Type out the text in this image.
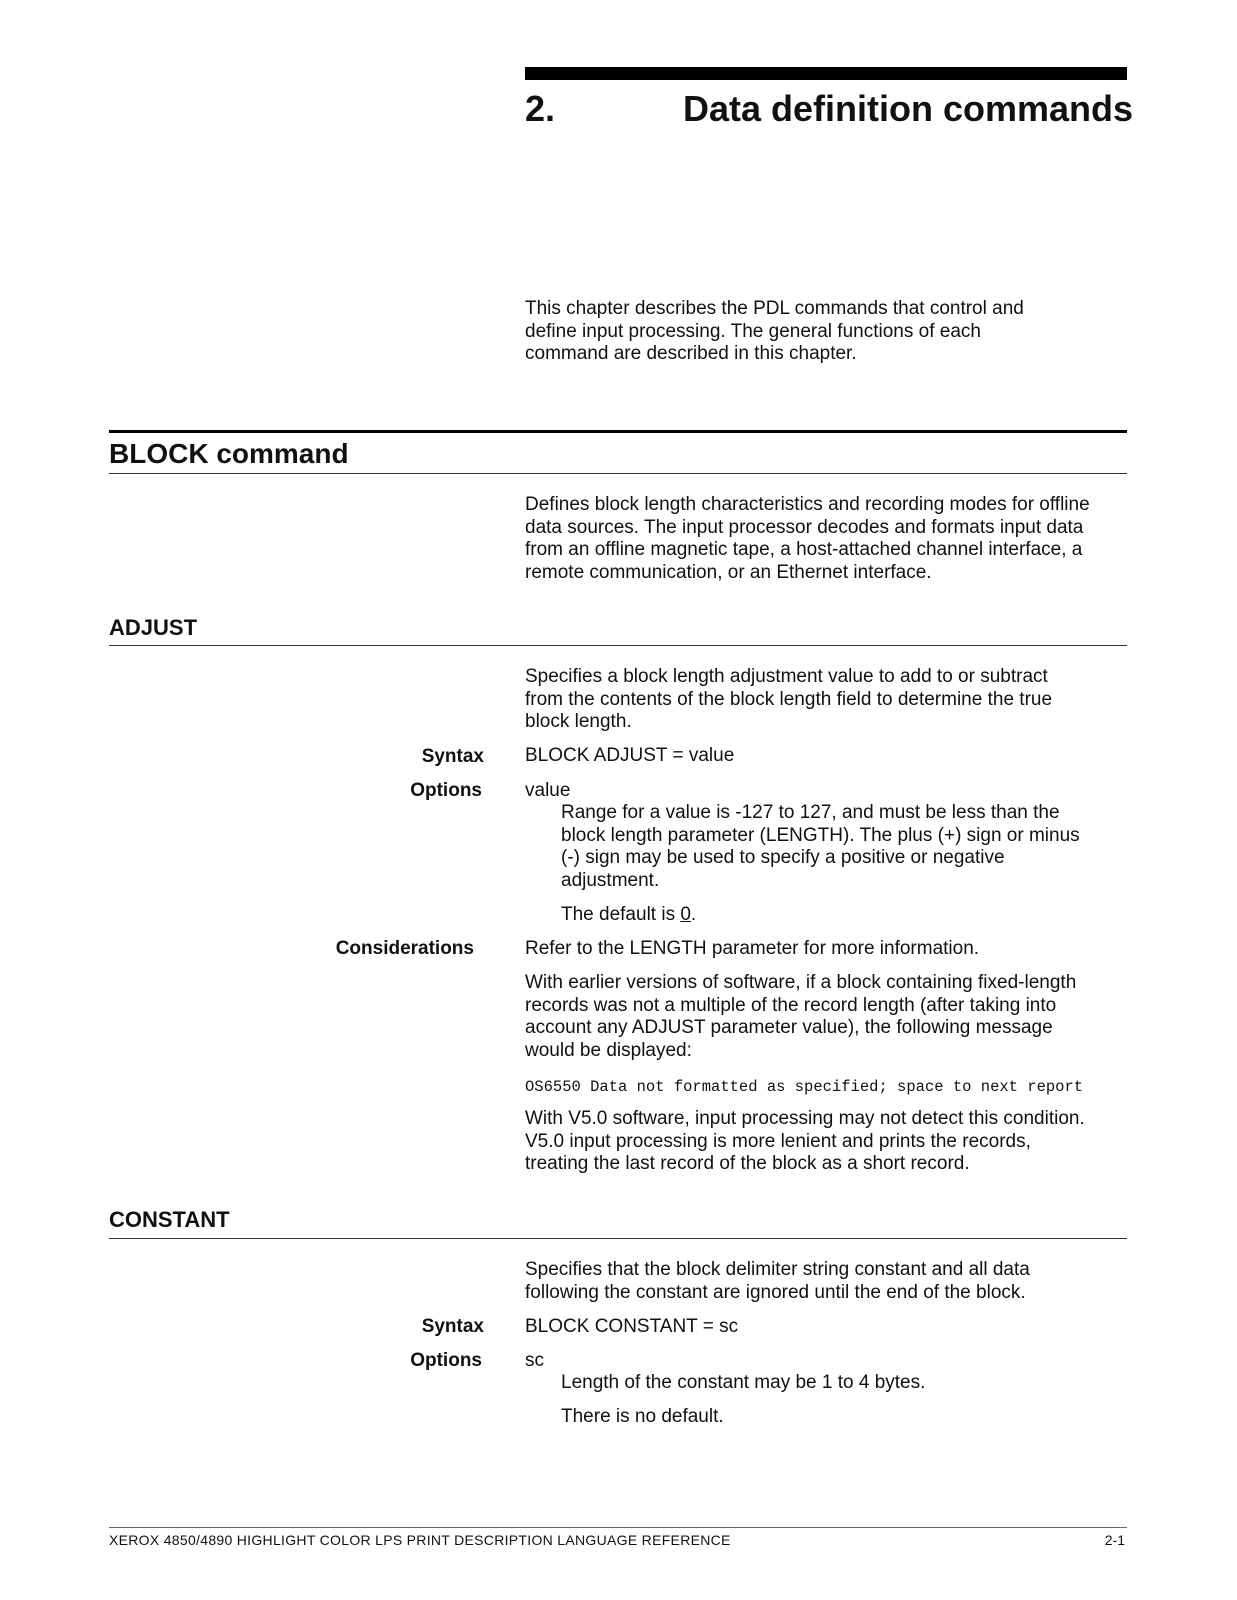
2.	Data definition commands
This chapter describes the PDL commands that control and define input processing. The general functions of each command are described in this chapter.
BLOCK command
Defines block length characteristics and recording modes for offline data sources. The input processor decodes and formats input data from an offline magnetic tape, a host-attached channel interface, a remote communication, or an Ethernet interface.
ADJUST
Specifies a block length adjustment value to add to or subtract from the contents of the block length field to determine the true block length.
Syntax BLOCK ADJUST = value
Options value
Range for a value is -127 to 127, and must be less than the block length parameter (LENGTH). The plus (+) sign or minus (-) sign may be used to specify a positive or negative adjustment.
The default is 0.
Considerations	Refer to the LENGTH parameter for more information.
With earlier versions of software, if a block containing fixed-length records was not a multiple of the record length (after taking into account any ADJUST parameter value), the following message would be displayed:
OS6550 Data not formatted as specified; space to next report
With V5.0 software, input processing may not detect this condition. V5.0 input processing is more lenient and prints the records, treating the last record of the block as a short record.
CONSTANT
Specifies that the block delimiter string constant and all data following the constant are ignored until the end of the block.
Syntax BLOCK CONSTANT = sc
Options sc
Length of the constant may be 1 to 4 bytes.
There is no default.
XEROX 4850/4890 HIGHLIGHT COLOR LPS PRINT DESCRIPTION LANGUAGE REFERENCE	2-1
